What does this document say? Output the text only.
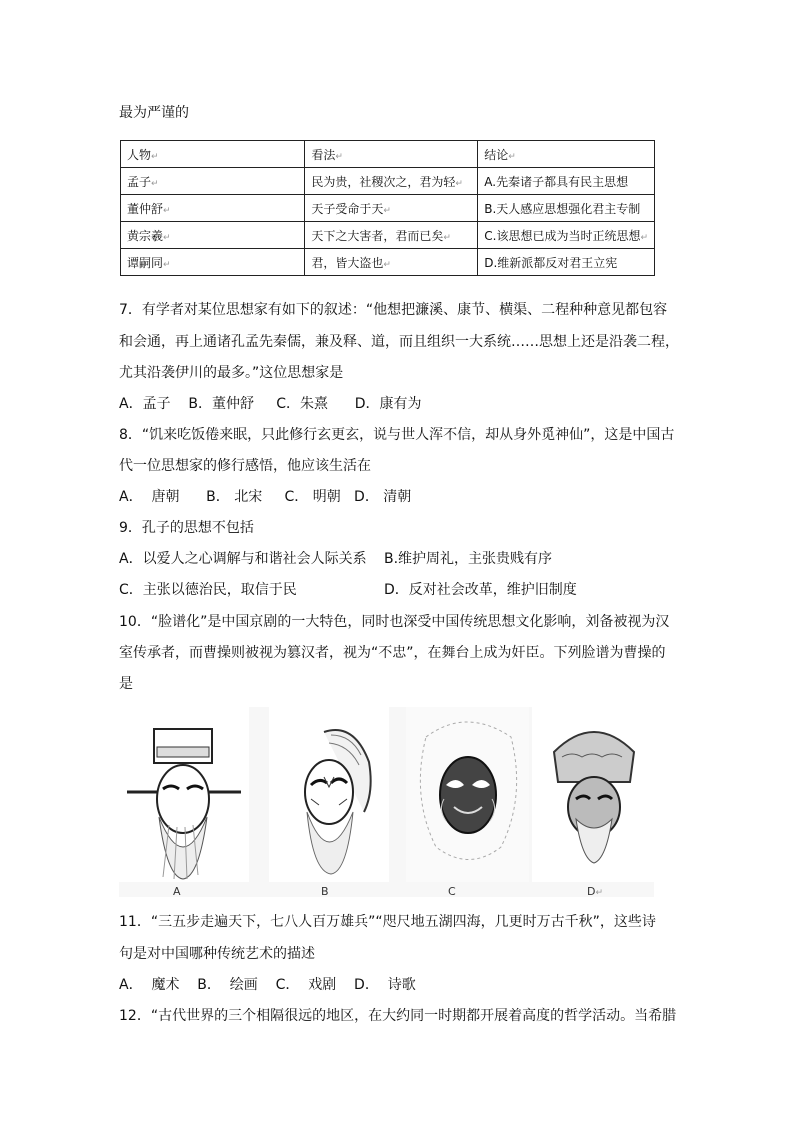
最为严谨的
人物↵	看法↵	结论↵
孟子↵	民为贵，社稷次之，君为轻↵	A.先秦诸子都具有民主思想
董仲舒↵	天子受命于天↵	B.天人感应思想强化君主专制
黄宗羲↵	天下之大害者，君而已矣↵	C.该思想已成为当时正统思想↵
谭嗣同↵	君，皆大盗也↵	D.维新派都反对君王立宪
7．有学者对某位思想家有如下的叙述：“他想把濂溪、康节、横渠、二程种种意见都包容
和会通，再上通诸孔孟先秦儒，兼及释、道，而且组织一大系统……思想上还是沿袭二程，
尤其沿袭伊川的最多。”这位思想家是
A．孟子    B．董仲舒     C．朱熹      D．康有为
8．“饥来吃饭倦来眠，只此修行玄更玄，说与世人浑不信，却从身外觅神仙”，这是中国古
代一位思想家的修行感悟，他应该生活在
A．  唐朝      B． 北宋     C． 明朝   D． 清朝
9．孔子的思想不包括
A．以爱人之心调解与和谐社会人际关系 B.维护周礼，主张贵贱有序
C．主张以德治民，取信于民	D．反对社会改革，维护旧制度
10．“脸谱化”是中国京剧的一大特色，同时也深受中国传统思想文化影响，刘备被视为汉
室传承者，而曹操则被视为篡汉者，视为“不忠”，在舞台上成为奸臣。下列脸谱为曹操的
是
A	B	C	D↵
11．“三五步走遍天下，七八人百万雄兵”“咫尺地五湖四海，几更时万古千秋”，这些诗
句是对中国哪种传统艺术的描述
A．  魔术    B．  绘画    C．  戏剧    D．  诗歌
12．“古代世界的三个相隔很远的地区，在大约同一时期都开展着高度的哲学活动。当希腊
